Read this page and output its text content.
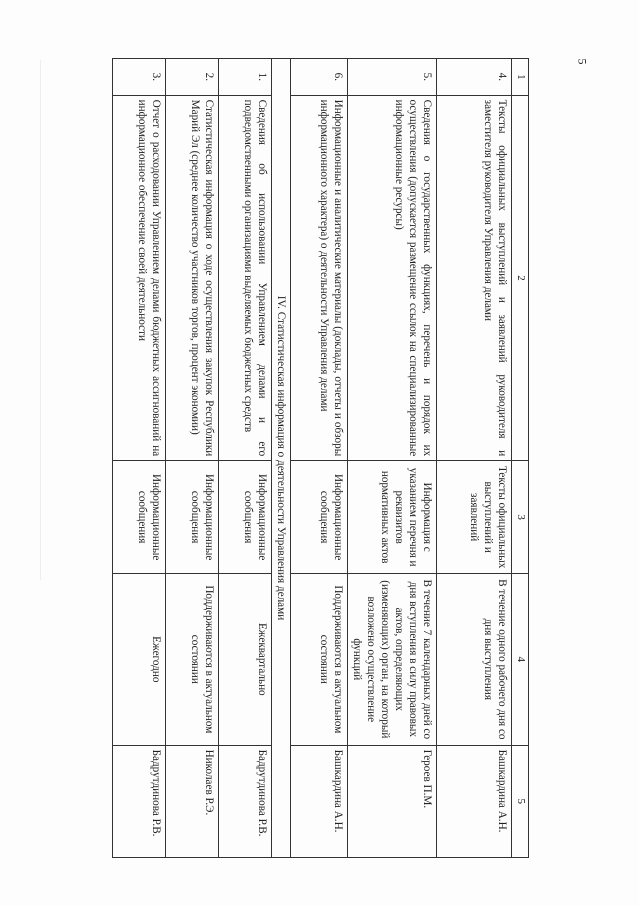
5
1	2	3	4	5
4.	Тексты официальных выступлений и заявлений руководителя и заместителя руководителя Управления делами	Тексты официальных выступлений и заявлений	В течение одного рабочего дня со дня выступления	Башкардина А.Н.
5.	Сведения о государственных функциях, перечень и порядок их осуществления (допускается размещение ссылок на специализированные информационные ресурсы)	Информация с указанием перечня и реквизитов нормативных актов	В течение 7 календарных дней со дня вступления в силу правовых актов, определяющих (изменяющих) орган, на который возложено осуществление функций	Героев П.М.
6.	Информационные и аналитические материалы (доклады, отчеты и обзоры информационного характера) о деятельности Управления делами	Информационные сообщения	Поддерживаются в актуальном состоянии	Башкардина А.Н.
IV. Статистическая информация о деятельности Управления делами				
1.	Сведения об использовании Управлением делами и его подведомственными организациями выделяемых бюджетных средств	Информационные сообщения	Ежеквартально	Бадрутдинова Р.В.
2.	Статистическая информация о ходе осуществления закупок Республики Марий Эл (среднее количество участников торгов, процент экономии)	Информационные сообщения	Поддерживаются в актуальном состоянии	Николаев Р.Э.
3.	Отчет о расходовании Управлением делами бюджетных ассигнований на информационное обеспечение своей деятельности	Информационные сообщения	Ежегодно	Бадрутдинова Р.В.
